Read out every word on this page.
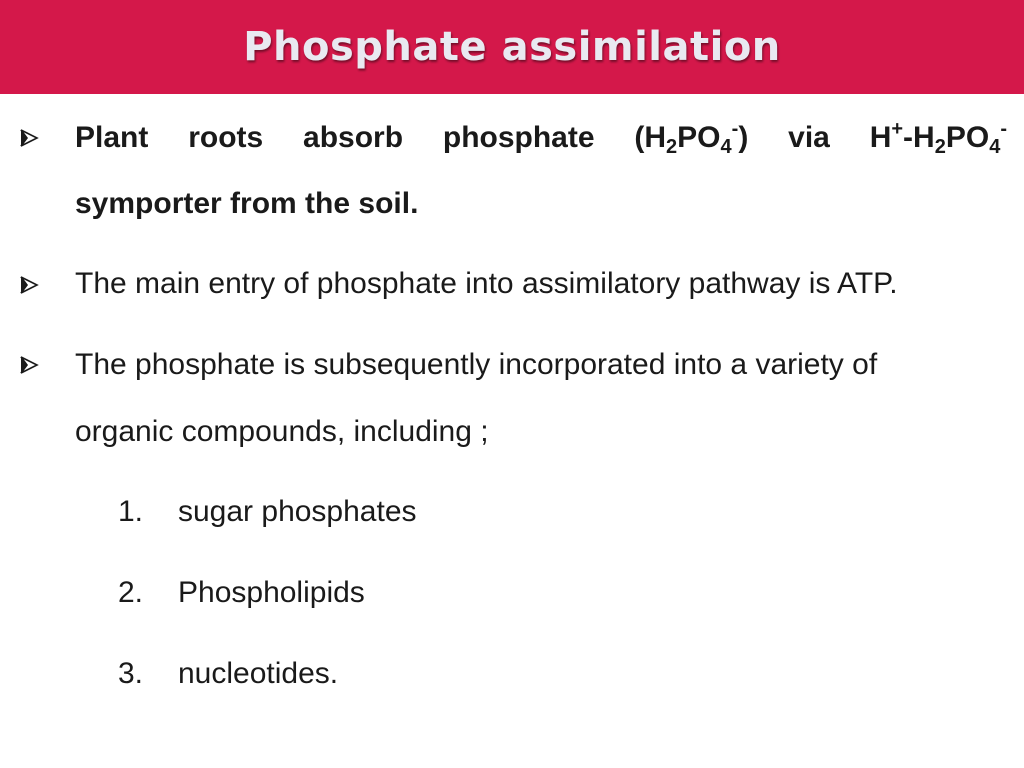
Phosphate assimilation
Plant roots absorb phosphate $(H_2PO_4^-)$ via $H^+-H_2PO_4^-$
symporter from the soil.
The main entry of phosphate into assimilatory pathway is ATP.
The phosphate is subsequently incorporated into a variety of
organic compounds, including ;
1. sugar phosphates
2. Phospholipids
3. nucleotides.
